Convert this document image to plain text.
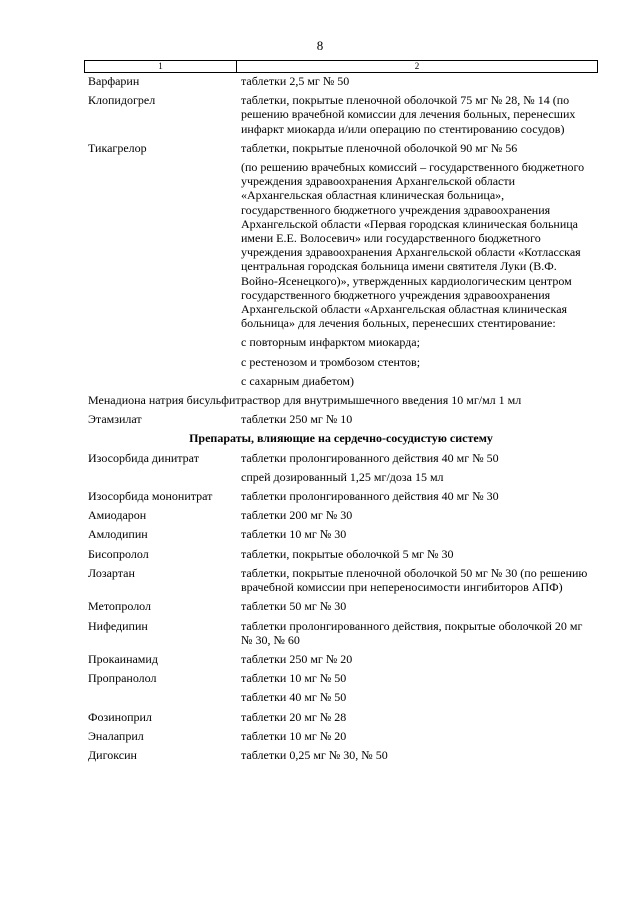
8
1	2
Варфарин	таблетки 2,5 мг № 50
Клопидогрел	таблетки, покрытые пленочной оболочкой 75 мг № 28, № 14 (по решению врачебной комиссии для лечения больных, перенесших инфаркт миокарда и/или операцию по стентированию сосудов)
Тикагрелор	таблетки, покрытые пленочной оболочкой 90 мг № 56
(по решению врачебных комиссий – государственного бюджетного учреждения здравоохранения Архангельской области «Архангельская областная клиническая больница», государственного бюджетного учреждения здравоохранения Архангельской области «Первая городская клиническая больница имени Е.Е. Волосевич» или государственного бюджетного учреждения здравоохранения Архангельской области «Котласская центральная городская больница имени святителя Луки (В.Ф. Войно-Ясенецкого)», утвержденных кардиологическим центром государственного бюджетного учреждения здравоохранения Архангельской области «Архангельская областная клиническая больница» для лечения больных, перенесших стентирование:
с повторным инфарктом миокарда;
с рестенозом и тромбозом стентов;
с сахарным диабетом)
Менадиона натрия бисульфит раствор для внутримышечного введения 10 мг/мл 1 мл
Этамзилат	таблетки 250 мг № 10
Препараты, влияющие на сердечно-сосудистую систему
Изосорбида динитрат	таблетки пролонгированного действия 40 мг № 50
спрей дозированный 1,25 мг/доза 15 мл
Изосорбида мононитрат	таблетки пролонгированного действия 40 мг № 30
Амиодарон	таблетки 200 мг № 30
Амлодипин	таблетки 10 мг № 30
Бисопролол	таблетки, покрытые оболочкой 5 мг № 30
Лозартан	таблетки, покрытые пленочной оболочкой 50 мг № 30 (по решению врачебной комиссии при непереносимости ингибиторов АПФ)
Метопролол	таблетки 50 мг № 30
Нифедипин	таблетки пролонгированного действия, покрытые оболочкой 20 мг № 30, № 60
Прокаинамид	таблетки 250 мг № 20
Пропранолол	таблетки 10 мг № 50
таблетки 40 мг № 50
Фозиноприл	таблетки 20 мг № 28
Эналаприл	таблетки 10 мг № 20
Дигоксин	таблетки 0,25 мг № 30, № 50
